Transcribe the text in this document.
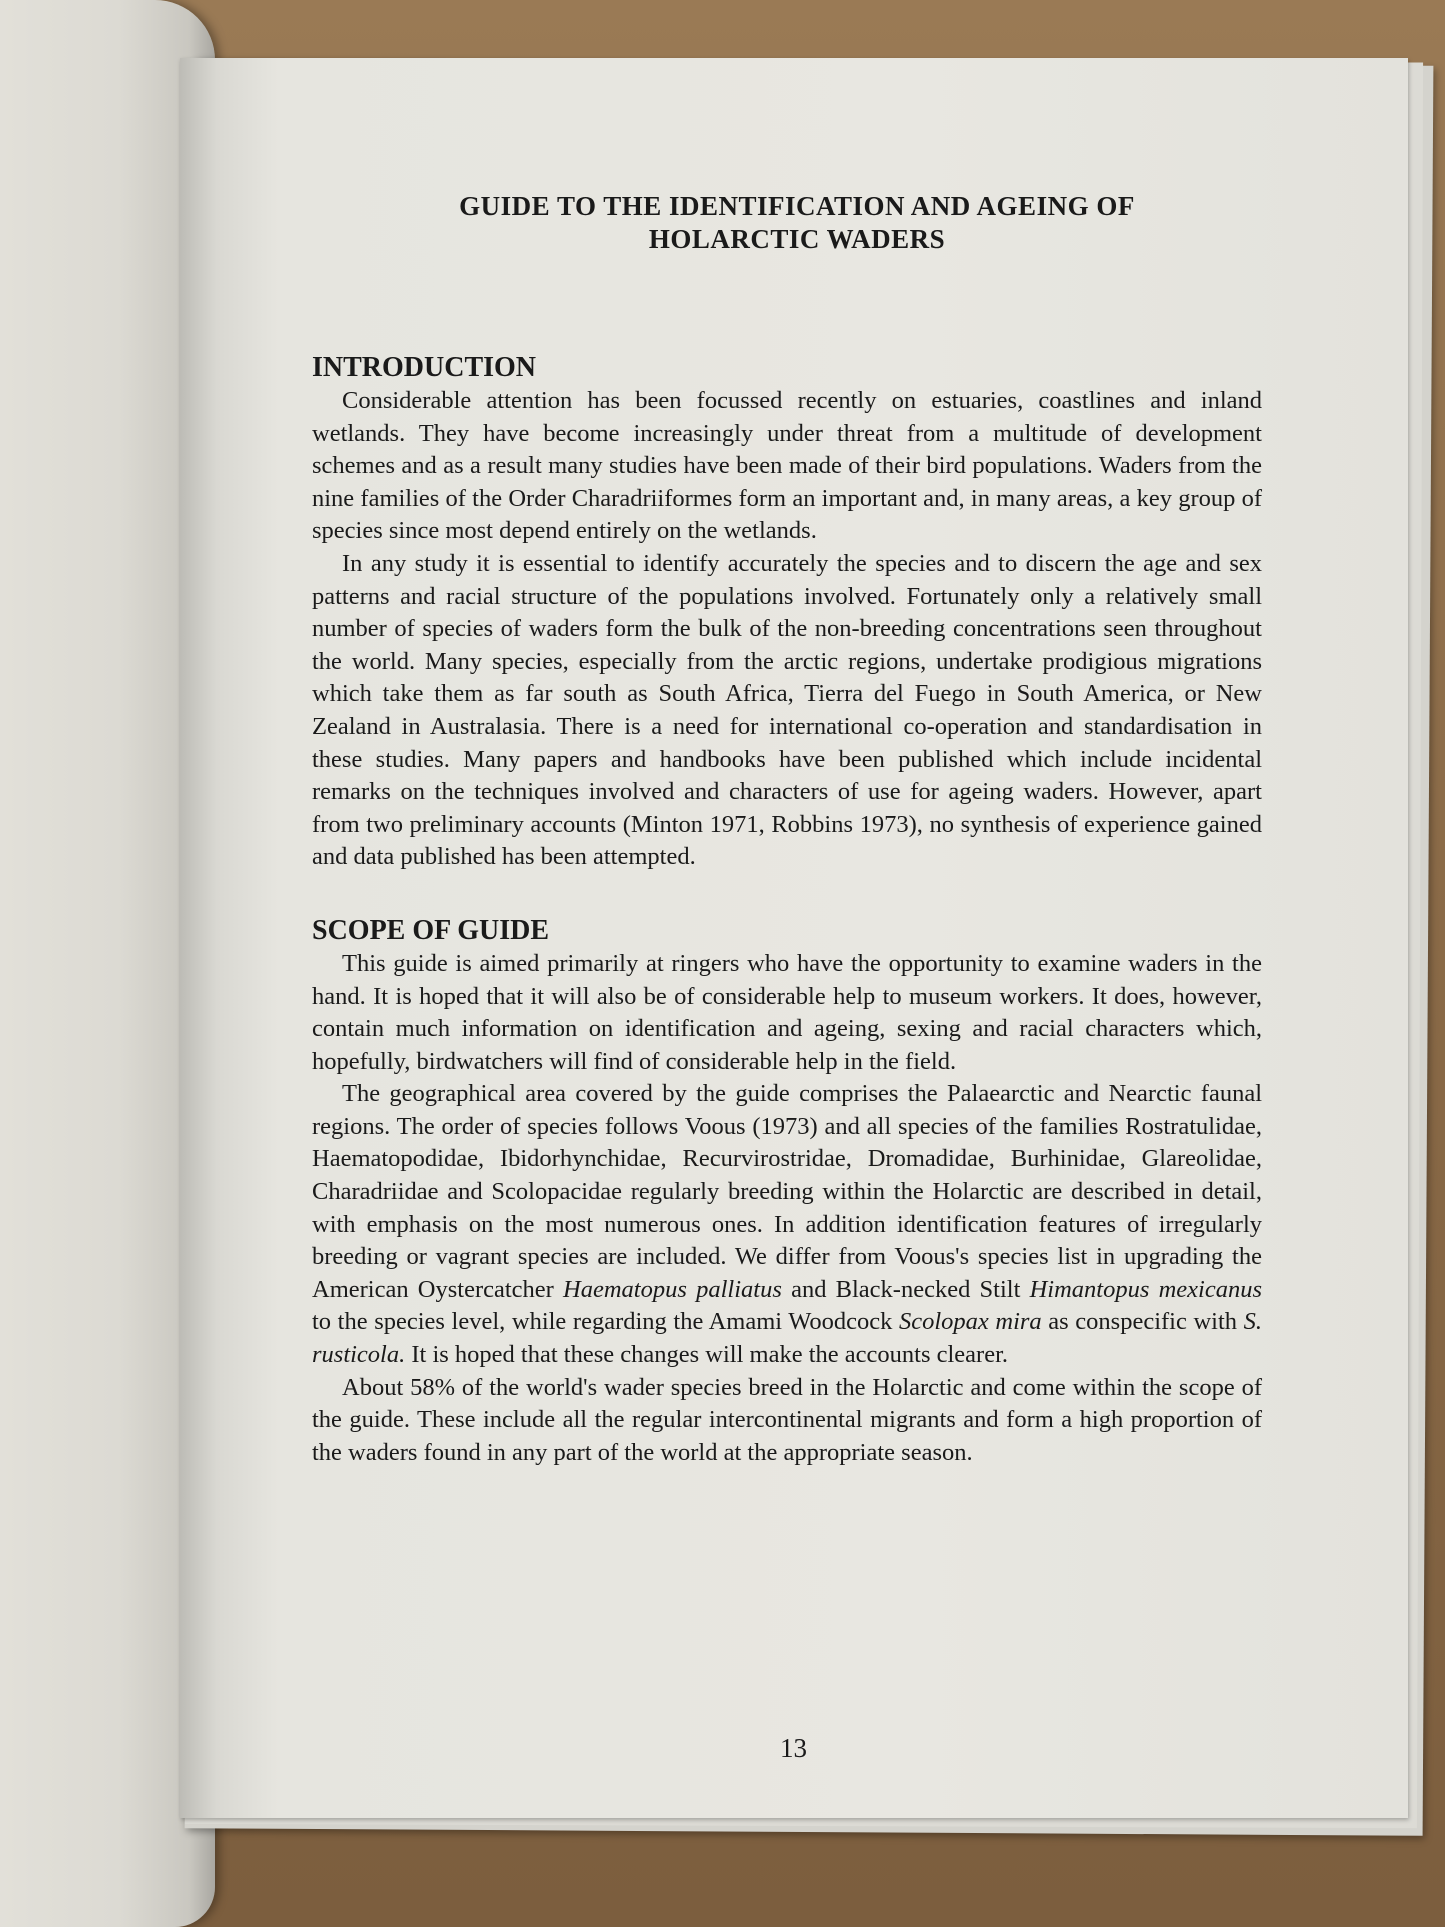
GUIDE TO THE IDENTIFICATION AND AGEING OF
HOLARCTIC WADERS
INTRODUCTION

Considerable attention has been focussed recently on estuaries, coastlines and inland wetlands. They have become increasingly under threat from a multitude of development schemes and as a result many studies have been made of their bird populations. Waders from the nine families of the Order Charadriiformes form an important and, in many areas, a key group of species since most depend entirely on the wetlands.

In any study it is essential to identify accurately the species and to discern the age and sex patterns and racial structure of the populations involved. Fortunately only a relatively small number of species of waders form the bulk of the non-breeding concentrations seen throughout the world. Many species, especially from the arctic regions, undertake prodigious migrations which take them as far south as South Africa, Tierra del Fuego in South America, or New Zealand in Australasia. There is a need for international co-operation and standardisation in these studies. Many papers and handbooks have been published which include incidental remarks on the techniques involved and characters of use for ageing waders. However, apart from two preliminary accounts (Minton 1971, Robbins 1973), no synthesis of experience gained and data published has been attempted.

SCOPE OF GUIDE

This guide is aimed primarily at ringers who have the opportunity to examine waders in the hand. It is hoped that it will also be of considerable help to museum workers. It does, however, contain much information on identification and ageing, sexing and racial characters which, hopefully, birdwatchers will find of considerable help in the field.

The geographical area covered by the guide comprises the Palaearctic and Nearctic faunal regions. The order of species follows Voous (1973) and all species of the families Rostratulidae, Haematopodidae, Ibidorhynchidae, Recurvirostridae, Dromadidae, Burhinidae, Glareolidae, Charadriidae and Scolopacidae regularly breeding within the Holarctic are described in detail, with emphasis on the most numerous ones. In addition identification features of irregularly breeding or vagrant species are included. We differ from Voous's species list in upgrading the American Oystercatcher Haematopus palliatus and Black-necked Stilt Himantopus mexicanus to the species level, while regarding the Amami Woodcock Scolopax mira as conspecific with S. rusticola. It is hoped that these changes will make the accounts clearer.

About 58% of the world's wader species breed in the Holarctic and come within the scope of the guide. These include all the regular intercontinental migrants and form a high proportion of the waders found in any part of the world at the appropriate season.

13
